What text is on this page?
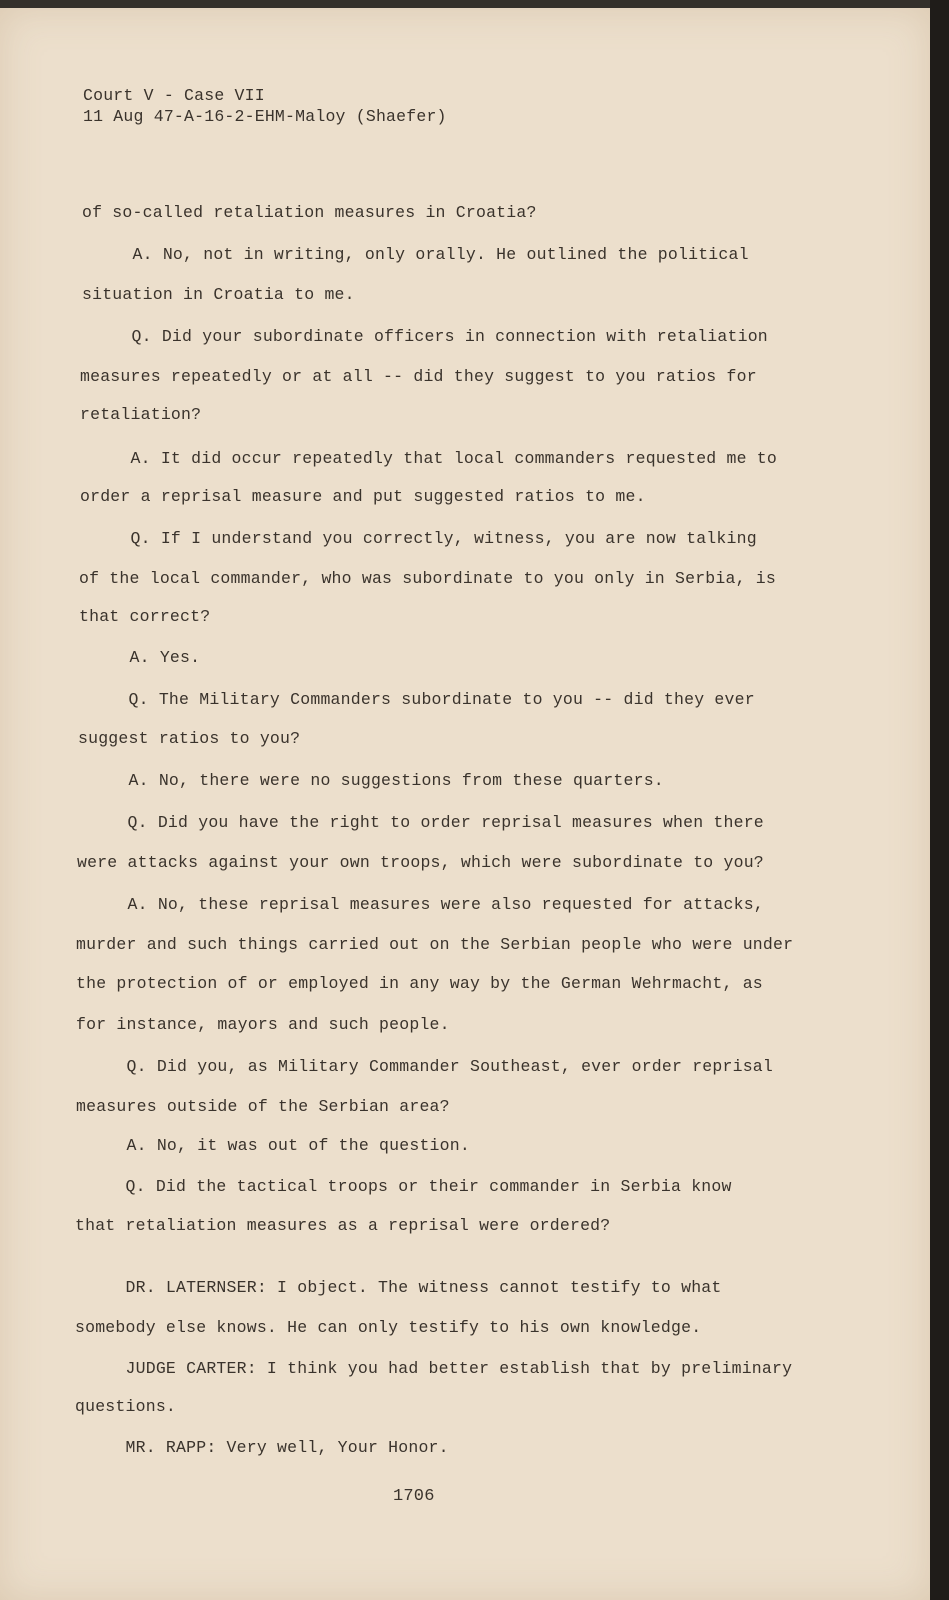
Court V - Case VII
11 Aug 47-A-16-2-EHM-Maloy (Shaefer)
of so-called retaliation measures in Croatia?
A. No, not in writing, only orally. He outlined the political
situation in Croatia to me.
Q. Did your subordinate officers in connection with retaliation
measures repeatedly or at all -- did they suggest to you ratios for
retaliation?
A. It did occur repeatedly that local commanders requested me to
order a reprisal measure and put suggested ratios to me.
Q. If I understand you correctly, witness, you are now talking
of the local commander, who was subordinate to you only in Serbia, is
that correct?
A. Yes.
Q. The Military Commanders subordinate to you -- did they ever
suggest ratios to you?
A. No, there were no suggestions from these quarters.
Q. Did you have the right to order reprisal measures when there
were attacks against your own troops, which were subordinate to you?
A. No, these reprisal measures were also requested for attacks,
murder and such things carried out on the Serbian people who were under
the protection of or employed in any way by the German Wehrmacht, as
for instance, mayors and such people.
Q. Did you, as Military Commander Southeast, ever order reprisal
measures outside of the Serbian area?
A. No, it was out of the question.
Q. Did the tactical troops or their commander in Serbia know
that retaliation measures as a reprisal were ordered?
DR. LATERNSER: I object. The witness cannot testify to what
somebody else knows. He can only testify to his own knowledge.
JUDGE CARTER: I think you had better establish that by preliminary
questions.
MR. RAPP: Very well, Your Honor.
1706
